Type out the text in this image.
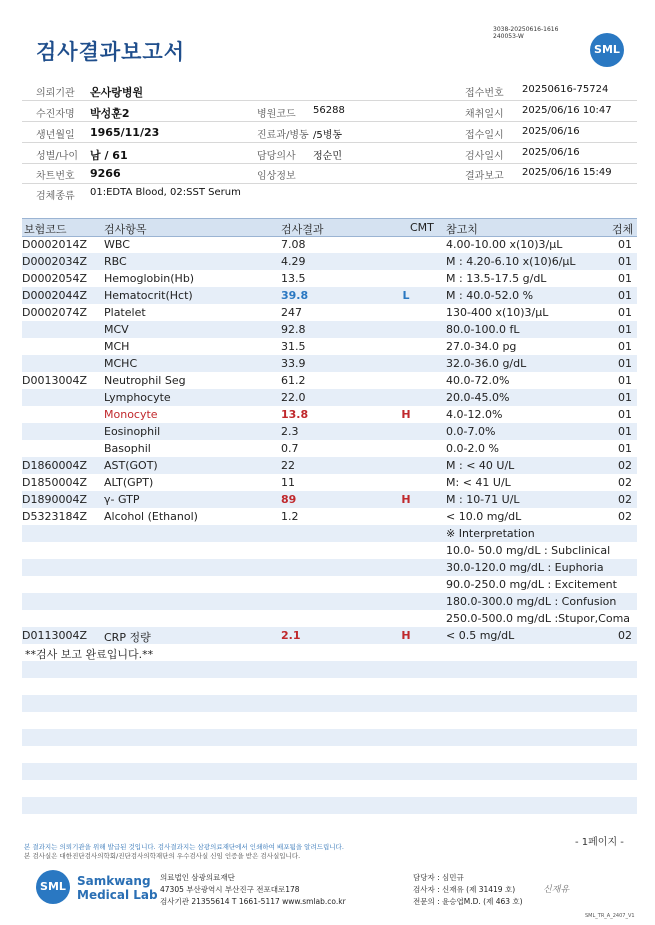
검사결과보고서
3038-20250616-1616
240053-W
SML
의뢰기관 온사랑병원	접수번호 20250616-75724
수진자명 박성훈2	병원코드 56288	채취일시 2025/06/16 10:47
생년월일 1965/11/23	진료과/병동 /5병동	접수일시 2025/06/16
성별/나이 남 / 61	담당의사 정순민	검사일시 2025/06/16
차트번호 9266	임상정보	결과보고 2025/06/16 15:49
검체종류 01:EDTA Blood, 02:SST Serum
보험코드	검사항목	검사결과	CMT 참고치	검체
D0002014Z WBC	7.08	4.00-10.00 x(10)3/μL	01
D0002034Z RBC	4.29	M : 4.20-6.10 x(10)6/μL	01
D0002054Z Hemoglobin(Hb)	13.5	M : 13.5-17.5 g/dL	01
D0002044Z Hematocrit(Hct)	39.8	L	M : 40.0-52.0 %	01
D0002074Z Platelet	247	130-400 x(10)3/μL	01
MCV	92.8	80.0-100.0 fL	01
MCH	31.5	27.0-34.0 pg	01
MCHC	33.9	32.0-36.0 g/dL	01
D0013004Z Neutrophil Seg	61.2	40.0-72.0%	01
Lymphocyte	22.0	20.0-45.0%	01
Monocyte	13.8	H	4.0-12.0%	01
Eosinophil	2.3	0.0-7.0%	01
Basophil	0.7	0.0-2.0 %	01
D1860004Z AST(GOT)	22	M : < 40 U/L	02
D1850004Z ALT(GPT)	11	M: < 41 U/L	02
D1890004Z γ- GTP	89	H	M : 10-71 U/L	02
D5323184Z Alcohol (Ethanol)	1.2	< 10.0 mg/dL	02
※ Interpretation
10.0- 50.0 mg/dL : Subclinical
30.0-120.0 mg/dL : Euphoria
90.0-250.0 mg/dL : Excitement
180.0-300.0 mg/dL : Confusion
250.0-500.0 mg/dL :Stupor,Coma
D0113004Z CRP 정량	2.1	H	< 0.5 mg/dL	02
**검사 보고 완료입니다.**
- 1페이지 -
본 결과지는 의뢰기관을 위해 발급된 것입니다. 검사결과지는 삼광의료재단에서 인쇄하여 배포됨을 알려드립니다.
본 검사실은 대한진단검사의학회/진단검사의학재단의 우수검사실 신임 인증을 받은 검사실입니다.
SML Samkwang
Medical Lab
의료법인 삼광의료재단
47305 부산광역시 부산진구 전포대로178
검사기관 21355614 T 1661-5117 www.smlab.co.kr
담당자 : 심민규
검사자 : 신재유 (제 31419 호)
전문의 : 윤승엽M.D. (제 463 호)
신재유
SML_TR_A_2407_V1
